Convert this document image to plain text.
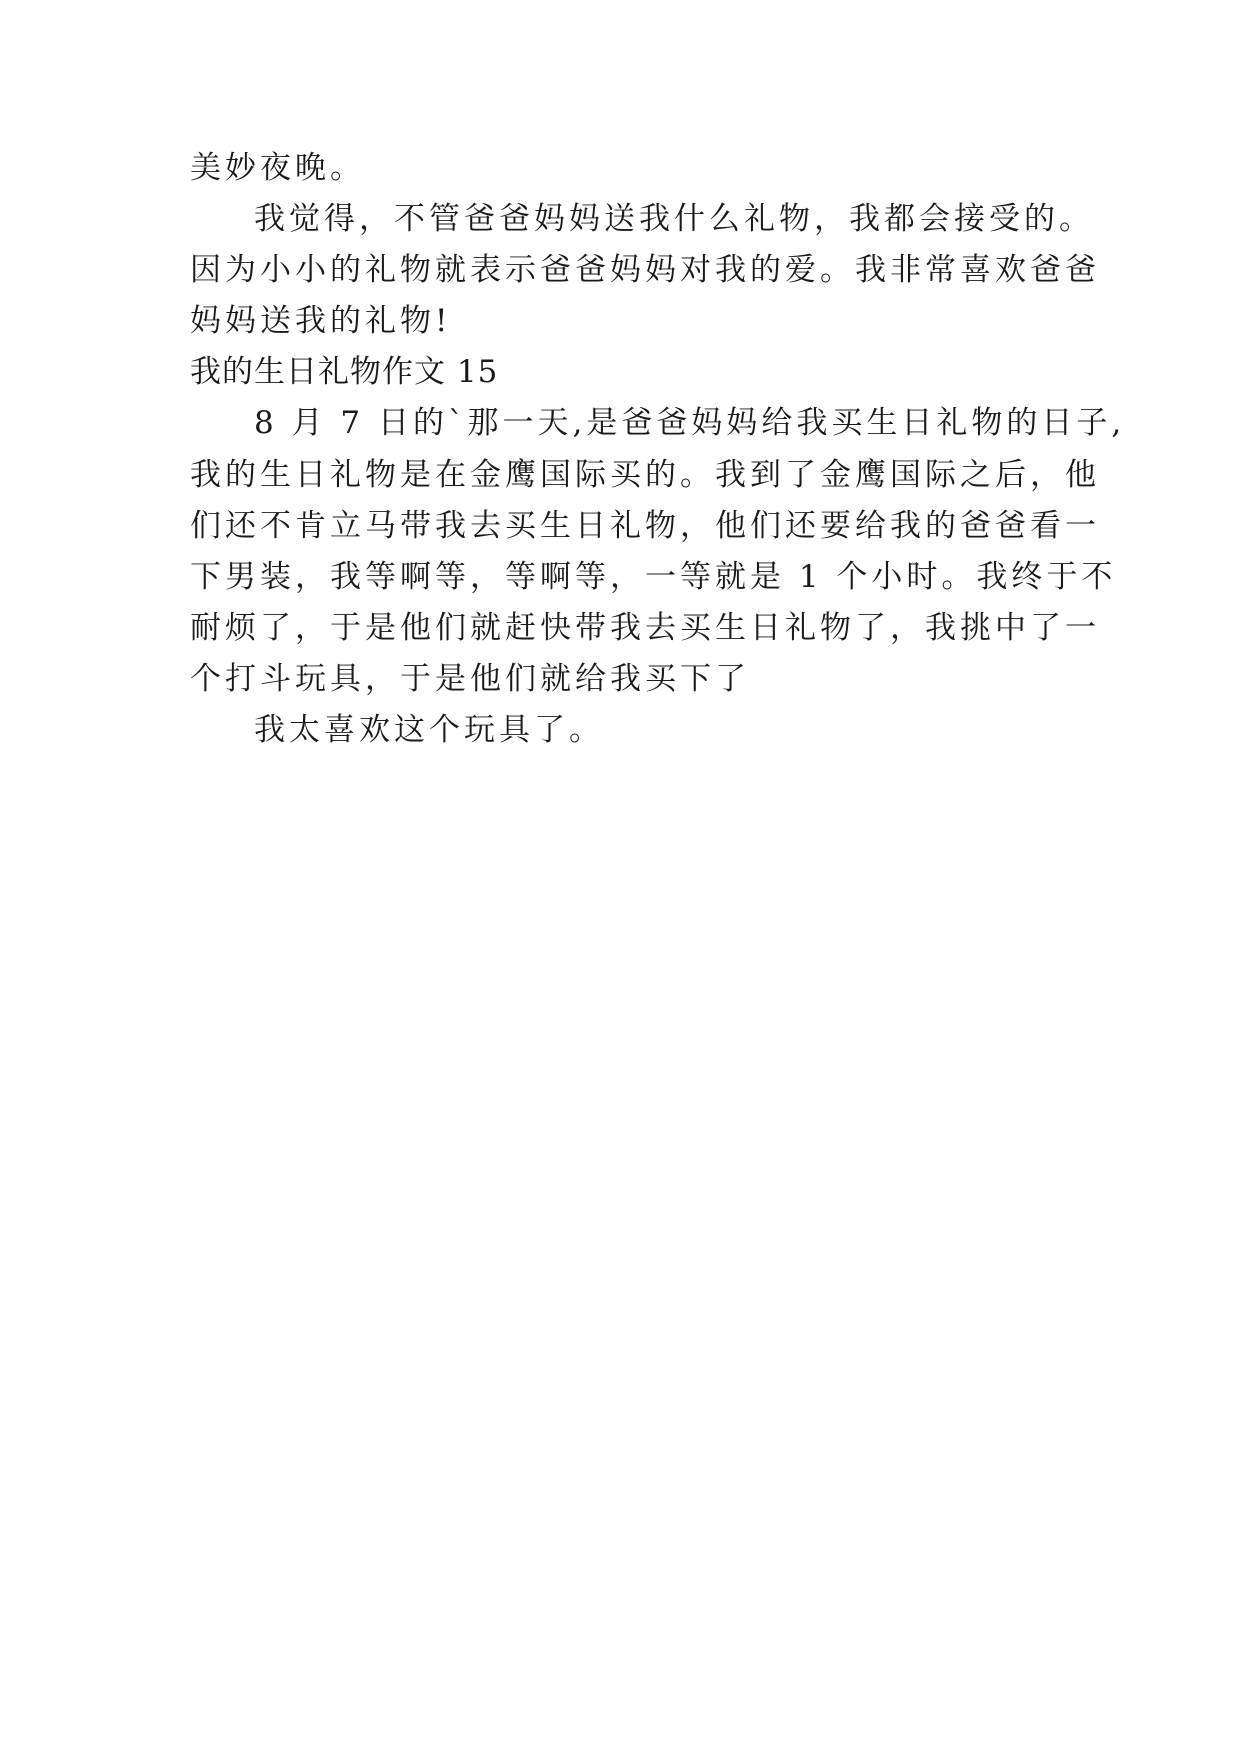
美妙夜晚。
我觉得，不管爸爸妈妈送我什么礼物，我都会接受的。
因为小小的礼物就表示爸爸妈妈对我的爱。我非常喜欢爸爸
妈妈送我的礼物!
我的生日礼物作文 15
8 月 7 日的`那一天,是爸爸妈妈给我买生日礼物的日子,
我的生日礼物是在金鹰国际买的。我到了金鹰国际之后，他
们还不肯立马带我去买生日礼物，他们还要给我的爸爸看一
下男装，我等啊等，等啊等，一等就是 1 个小时。我终于不
耐烦了，于是他们就赶快带我去买生日礼物了，我挑中了一
个打斗玩具，于是他们就给我买下了
我太喜欢这个玩具了。
